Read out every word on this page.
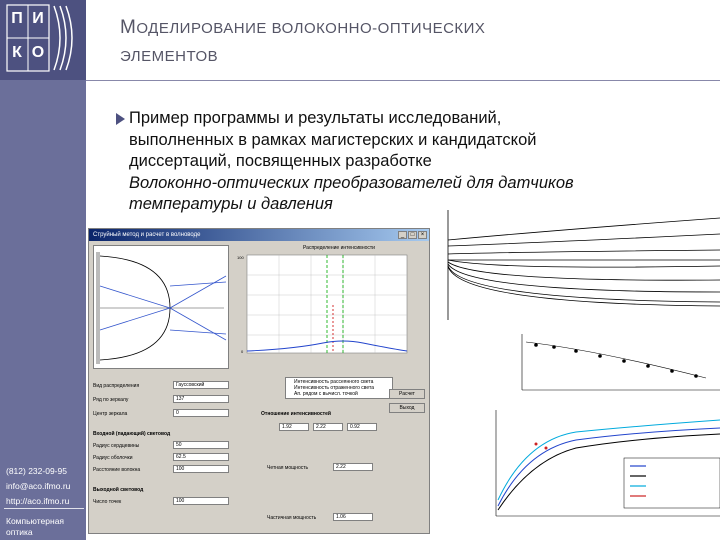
П И
К О
(812) 232-09-95
info@aco.ifmo.ru
http://aco.ifmo.ru
Компьютерная
оптика
МОДЕЛИРОВАНИЕ ВОЛОКОННО-ОПТИЧЕСКИХ
ЭЛЕМЕНТОВ
Пример программы и результаты исследований,
выполненных в рамках магистерских и кандидатской
диссертаций, посвященных разработке
Волоконно-оптических преобразователей для датчиков
температуры и давления
Струйный метод и расчет в волноводе	_	□	×
Распределение интенсивности
100
0
Интенсивность рассеянного света
Интенсивность отраженного света
Ап. рядом с вычисл. точкой
Вид распределения	Гауссовский
Ряд по зеркалу	137
Центр зеркала	0
Входной (падающий) световод
Радиус сердцевины	50
Радиус оболочки	62.5
Расстояние волокна	100
Выходной световод
Число точек	100
Отношение интенсивностей
1.92	2.22	0.92
Четная мощность	2.22
Частичная мощность	1.06
Расчет
Выход
